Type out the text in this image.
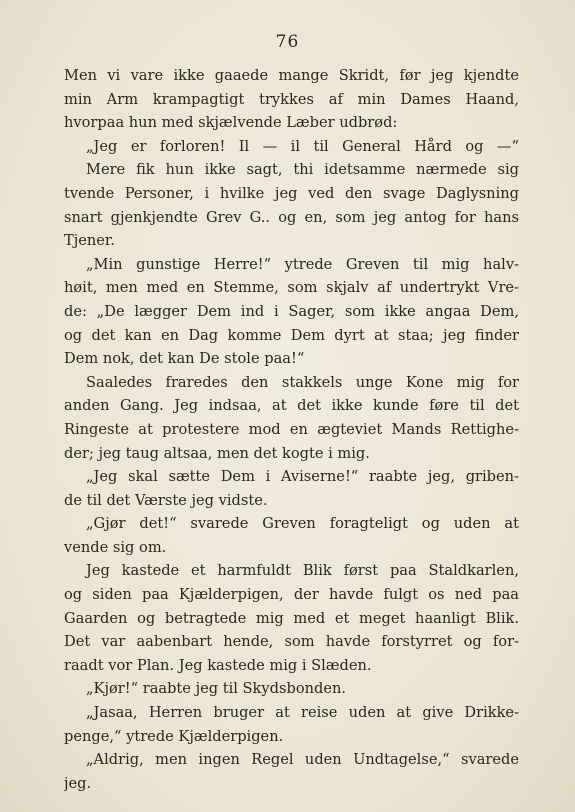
76
Men vi vare ikke gaaede mange Skridt, før jeg kjendte
min Arm krampagtigt trykkes af min Dames Haand,
hvorpaa hun med skjælvende Læber udbrød:
„Jeg er forloren! Il — il til General Hård og —“
Mere fik hun ikke sagt, thi idetsamme nærmede sig
tvende Personer, i hvilke jeg ved den svage Daglysning
snart gjenkjendte Grev G.. og en, som jeg antog for hans
Tjener.
„Min gunstige Herre!“ ytrede Greven til mig halv-
høit, men med en Stemme, som skjalv af undertrykt Vre-
de: „De lægger Dem ind i Sager, som ikke angaa Dem,
og det kan en Dag komme Dem dyrt at staa; jeg finder
Dem nok, det kan De stole paa!“
Saaledes fraredes den stakkels unge Kone mig for
anden Gang. Jeg indsaa, at det ikke kunde føre til det
Ringeste at protestere mod en ægteviet Mands Rettighe-
der; jeg taug altsaa, men det kogte i mig.
„Jeg skal sætte Dem i Aviserne!“ raabte jeg, griben-
de til det Værste jeg vidste.
„Gjør det!“ svarede Greven foragteligt og uden at
vende sig om.
Jeg kastede et harmfuldt Blik først paa Staldkarlen,
og siden paa Kjælderpigen, der havde fulgt os ned paa
Gaarden og betragtede mig med et meget haanligt Blik.
Det var aabenbart hende, som havde forstyrret og for-
raadt vor Plan. Jeg kastede mig i Slæden.
„Kjør!“ raabte jeg til Skydsbonden.
„Jasaa, Herren bruger at reise uden at give Drikke-
penge,“ ytrede Kjælderpigen.
„Aldrig, men ingen Regel uden Undtagelse,“ svarede
jeg.
